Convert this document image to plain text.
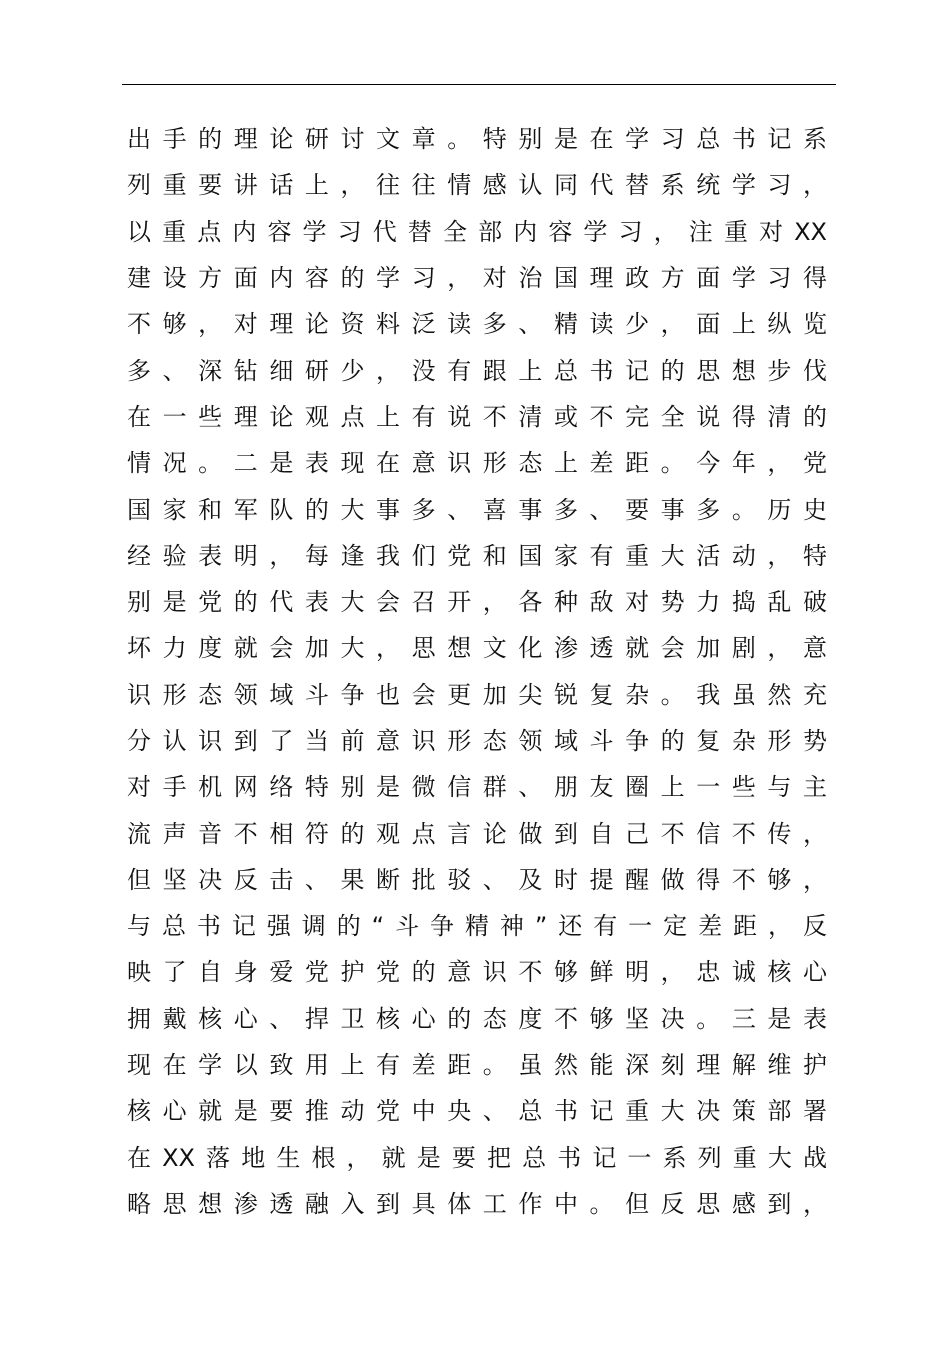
出 手 的 理 论 研 讨 文 章 。 特 别 是 在 学 习 总 书 记 系
列 重 要 讲 话 上 ， 往 往 情 感 认 同 代 替 系 统 学 习 ，
以 重 点 内 容 学 习 代 替 全 部 内 容 学 习 ， 注 重 对 XX
建 设 方 面 内 容 的 学 习 ， 对 治 国 理 政 方 面 学 习 得
不 够 ， 对 理 论 资 料 泛 读 多 、 精 读 少 ， 面 上 纵 览
多 、 深 钻 细 研 少 ， 没 有 跟 上 总 书 记 的 思 想 步 伐
在 一 些 理 论 观 点 上 有 说 不 清 或 不 完 全 说 得 清 的
情 况 。 二 是 表 现 在 意 识 形 态 上 差 距 。 今 年 ， 党
国 家 和 军 队 的 大 事 多 、 喜 事 多 、 要 事 多 。 历 史
经 验 表 明 ， 每 逢 我 们 党 和 国 家 有 重 大 活 动 ， 特
别 是 党 的 代 表 大 会 召 开 ， 各 种 敌 对 势 力 捣 乱 破
坏 力 度 就 会 加 大 ， 思 想 文 化 渗 透 就 会 加 剧 ， 意
识 形 态 领 域 斗 争 也 会 更 加 尖 锐 复 杂 。 我 虽 然 充
分 认 识 到 了 当 前 意 识 形 态 领 域 斗 争 的 复 杂 形 势
对 手 机 网 络 特 别 是 微 信 群 、 朋 友 圈 上 一 些 与 主
流 声 音 不 相 符 的 观 点 言 论 做 到 自 己 不 信 不 传 ，
但 坚 决 反 击 、 果 断 批 驳 、 及 时 提 醒 做 得 不 够 ，
与 总 书 记 强 调 的 “ 斗 争 精 神 ” 还 有 一 定 差 距 ， 反
映 了 自 身 爱 党 护 党 的 意 识 不 够 鲜 明 ， 忠 诚 核 心
拥 戴 核 心 、 捍 卫 核 心 的 态 度 不 够 坚 决 。 三 是 表
现 在 学 以 致 用 上 有 差 距 。 虽 然 能 深 刻 理 解 维 护
核 心 就 是 要 推 动 党 中 央 、 总 书 记 重 大 决 策 部 署
在 XX 落 地 生 根 ， 就 是 要 把 总 书 记 一 系 列 重 大 战
略 思 想 渗 透 融 入 到 具 体 工 作 中 。 但 反 思 感 到 ，
